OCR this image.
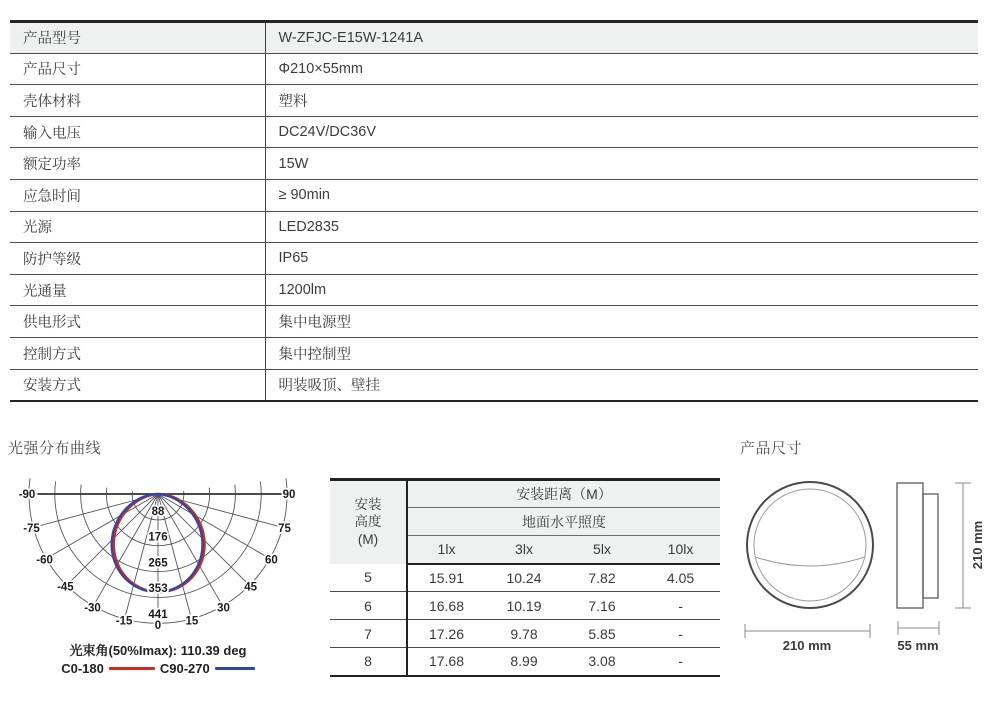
产品型号	W-ZFJC-E15W-1241A
产品尺寸	Φ210×55mm
壳体材料	塑料
输入电压	DC24V/DC36V
额定功率	15W
应急时间	≥ 90min
光源	LED2835
防护等级	IP65
光通量	1200lm
供电形式	集中电源型
控制方式	集中控制型
安装方式	明装吸顶、壁挂
光强分布曲线
88
176
265
353
441
-90
-75
-60
-45
-30
-15 0 15
30
45
60
75
90
光束角(50%Imax): 110.39 deg
C0-180	C90-270
安装
高度
(M)	安装距离（M）			
	地面水平照度			
	1lx	3lx	5lx	10lx
5	15.91	10.24	7.82	4.05
6	16.68	10.19	7.16	-
7	17.26	9.78	5.85	-
8	17.68	8.99	3.08	-
产品尺寸
210 mm
210 mm
55 mm
